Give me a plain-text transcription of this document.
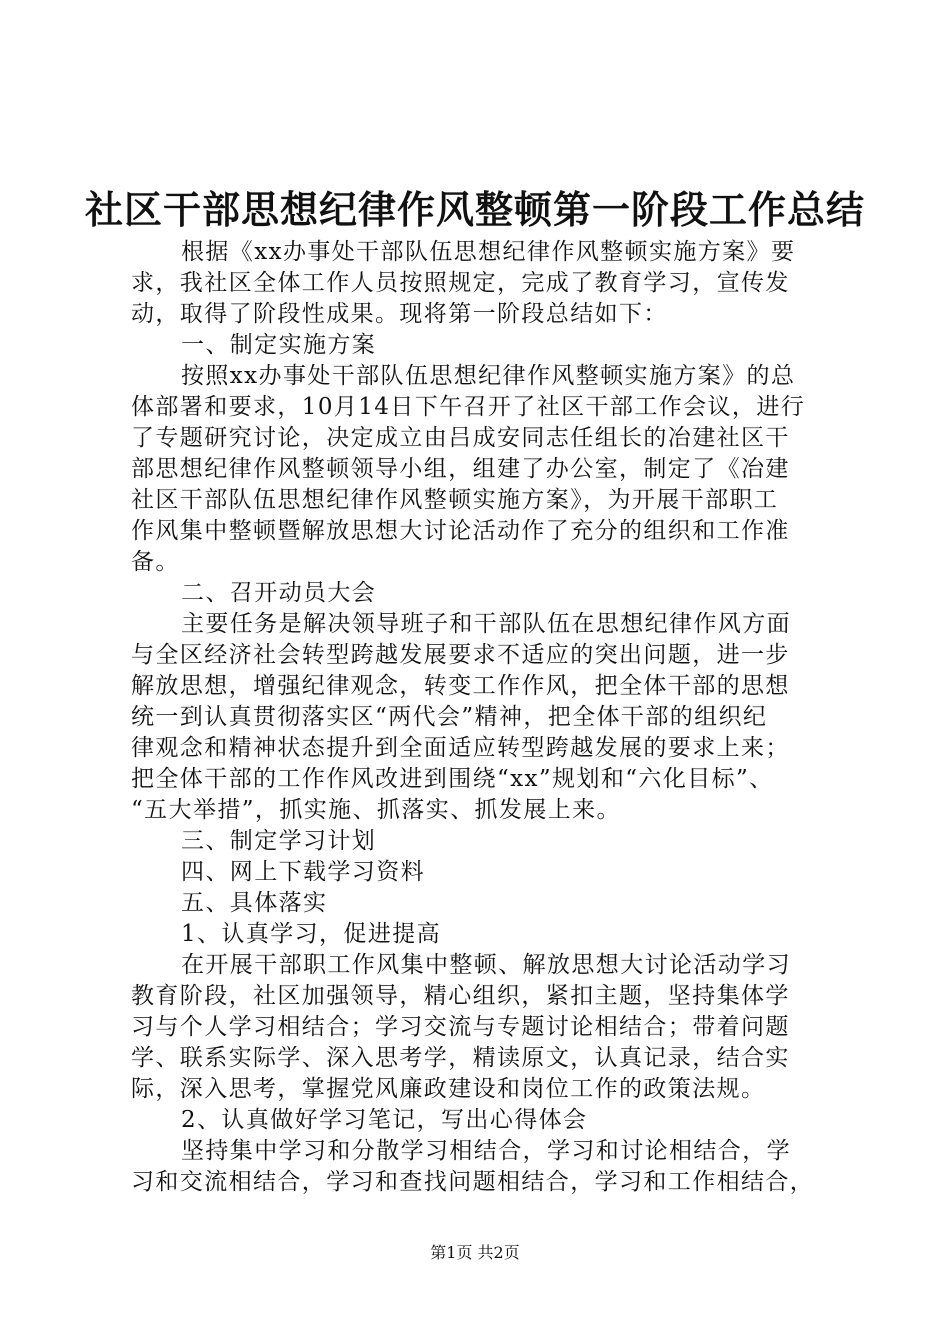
社区干部思想纪律作风整顿第一阶段工作总结
根据《xx办事处干部队伍思想纪律作风整顿实施方案》要
求，我社区全体工作人员按照规定，完成了教育学习，宣传发
动，取得了阶段性成果。现将第一阶段总结如下：
一、制定实施方案
按照xx办事处干部队伍思想纪律作风整顿实施方案》的总
体部署和要求，10月14日下午召开了社区干部工作会议，进行
了专题研究讨论，决定成立由吕成安同志任组长的冶建社区干
部思想纪律作风整顿领导小组，组建了办公室，制定了《冶建
社区干部队伍思想纪律作风整顿实施方案》，为开展干部职工
作风集中整顿暨解放思想大讨论活动作了充分的组织和工作准
备。
二、召开动员大会
主要任务是解决领导班子和干部队伍在思想纪律作风方面
与全区经济社会转型跨越发展要求不适应的突出问题，进一步
解放思想，增强纪律观念，转变工作作风，把全体干部的思想
统一到认真贯彻落实区“两代会”精神，把全体干部的组织纪
律观念和精神状态提升到全面适应转型跨越发展的要求上来；
把全体干部的工作作风改进到围绕“xx”规划和“六化目标”、
“五大举措”，抓实施、抓落实、抓发展上来。
三、制定学习计划
四、网上下载学习资料
五、具体落实
1、认真学习，促进提高
在开展干部职工作风集中整顿、解放思想大讨论活动学习
教育阶段，社区加强领导，精心组织，紧扣主题，坚持集体学
习与个人学习相结合；学习交流与专题讨论相结合；带着问题
学、联系实际学、深入思考学，精读原文，认真记录，结合实
际，深入思考，掌握党风廉政建设和岗位工作的政策法规。
2、认真做好学习笔记，写出心得体会
坚持集中学习和分散学习相结合，学习和讨论相结合，学
习和交流相结合，学习和查找问题相结合，学习和工作相结合，
第1页 共2页
